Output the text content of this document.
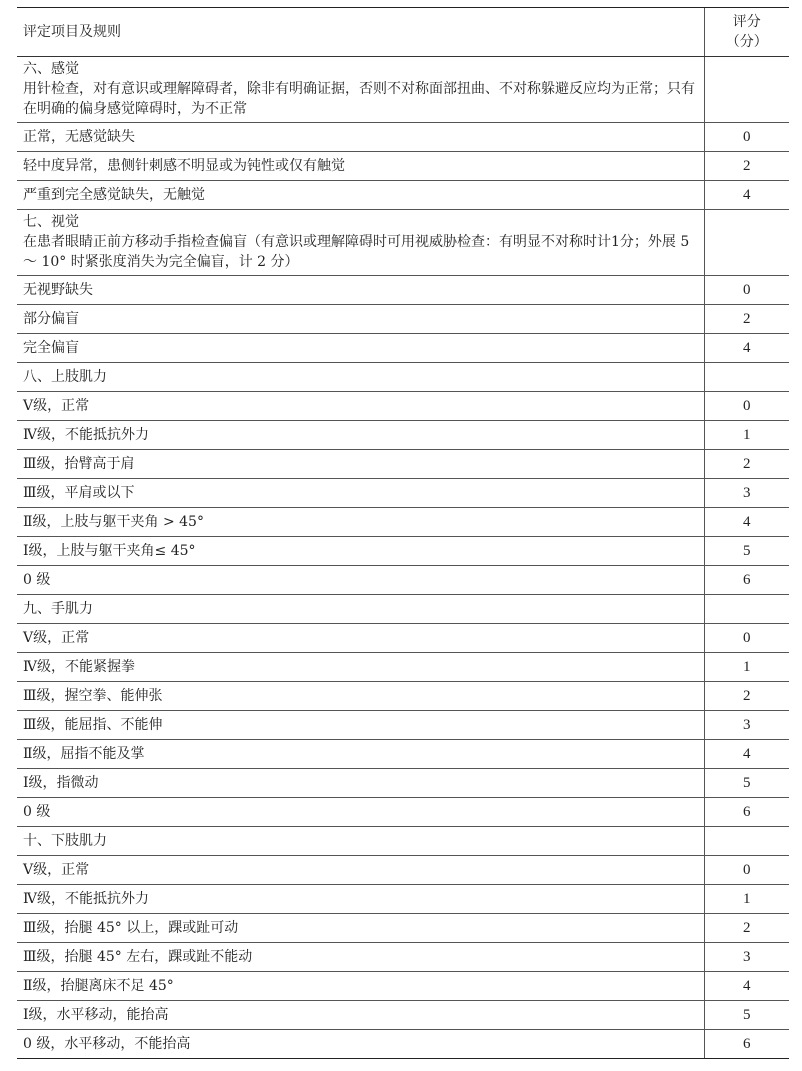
评定项目及规则	评分
（分）

六、感觉
用针检查，对有意识或理解障碍者，除非有明确证据，否则不对称面部扭曲、不对称躲避反应均为正常；只有在明确的偏身感觉障碍时，为不正常	

正常，无感觉缺失	0
轻中度异常，患侧针刺感不明显或为钝性或仅有触觉	2
严重到完全感觉缺失，无触觉	4

七、视觉
在患者眼睛正前方移动手指检查偏盲（有意识或理解障碍时可用视威胁检查：有明显不对称时计1分；外展 5 ～ 10° 时紧张度消失为完全偏盲，计 2 分）	

无视野缺失	0
部分偏盲	2
完全偏盲	4
八、上肢肌力	
Ⅴ级，正常	0
Ⅳ级，不能抵抗外力	1
Ⅲ级，抬臂高于肩	2
Ⅲ级，平肩或以下	3
Ⅱ级，上肢与躯干夹角 > 45°	4
Ⅰ级，上肢与躯干夹角≤ 45°	5
0 级	6
九、手肌力	
Ⅴ级，正常	0
Ⅳ级，不能紧握拳	1
Ⅲ级，握空拳、能伸张	2
Ⅲ级，能屈指、不能伸	3
Ⅱ级，屈指不能及掌	4
Ⅰ级，指微动	5
0 级	6
十、下肢肌力	
Ⅴ级，正常	0
Ⅳ级，不能抵抗外力	1
Ⅲ级，抬腿 45° 以上，踝或趾可动	2
Ⅲ级，抬腿 45° 左右，踝或趾不能动	3
Ⅱ级，抬腿离床不足 45°	4
Ⅰ级，水平移动，能抬高	5
0 级，水平移动，不能抬高	6
